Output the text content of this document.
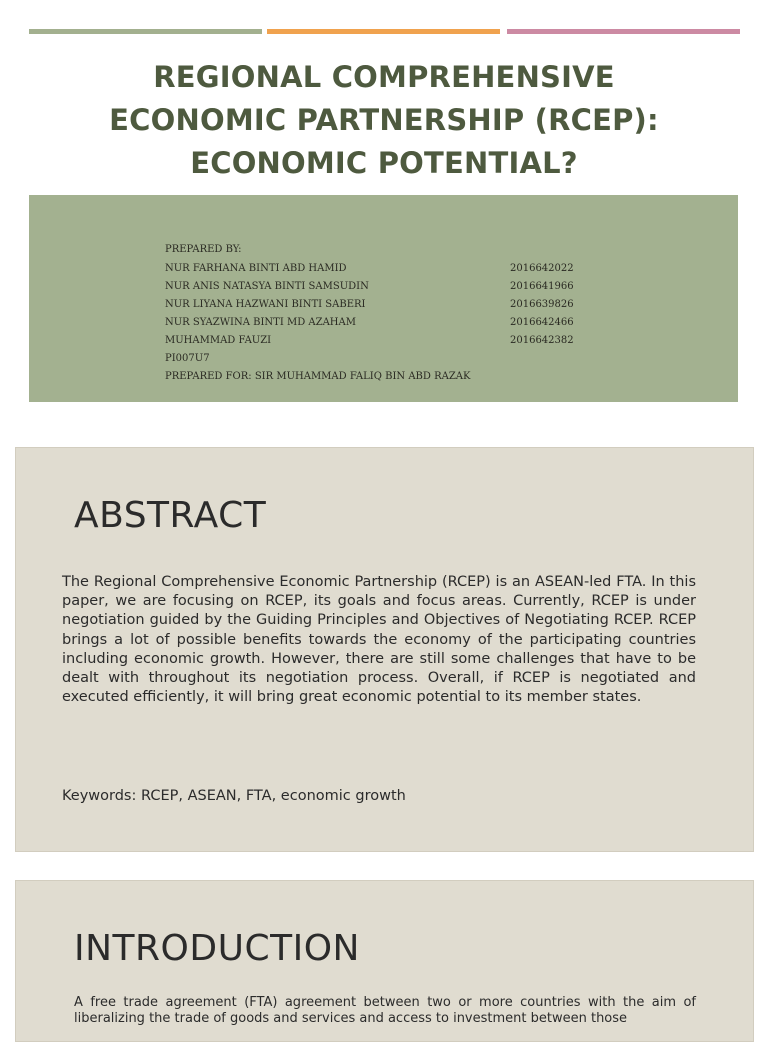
REGIONAL COMPREHENSIVE
ECONOMIC PARTNERSHIP (RCEP):
ECONOMIC POTENTIAL?
PREPARED BY:
NUR FARHANA BINTI ABD HAMID	2016642022
NUR ANIS NATASYA BINTI SAMSUDIN	2016641966
NUR LIYANA HAZWANI BINTI SABERI	2016639826
NUR SYAZWINA BINTI MD AZAHAM	2016642466
MUHAMMAD FAUZI	2016642382
PI007U7
PREPARED FOR: SIR MUHAMMAD FALIQ BIN ABD RAZAK
ABSTRACT

The Regional Comprehensive Economic Partnership (RCEP) is an ASEAN-led FTA. In this paper, we are focusing on RCEP, its goals and focus areas. Currently, RCEP is under negotiation guided by the Guiding Principles and Objectives of Negotiating RCEP. RCEP brings a lot of possible benefits towards the economy of the participating countries including economic growth. However, there are still some challenges that have to be dealt with throughout its negotiation process. Overall, if RCEP is negotiated and executed efficiently, it will bring great economic potential to its member states.

Keywords: RCEP, ASEAN, FTA, economic growth

INTRODUCTION

A free trade agreement (FTA) agreement between two or more countries with the aim of liberalizing the trade of goods and services and access to investment between those
